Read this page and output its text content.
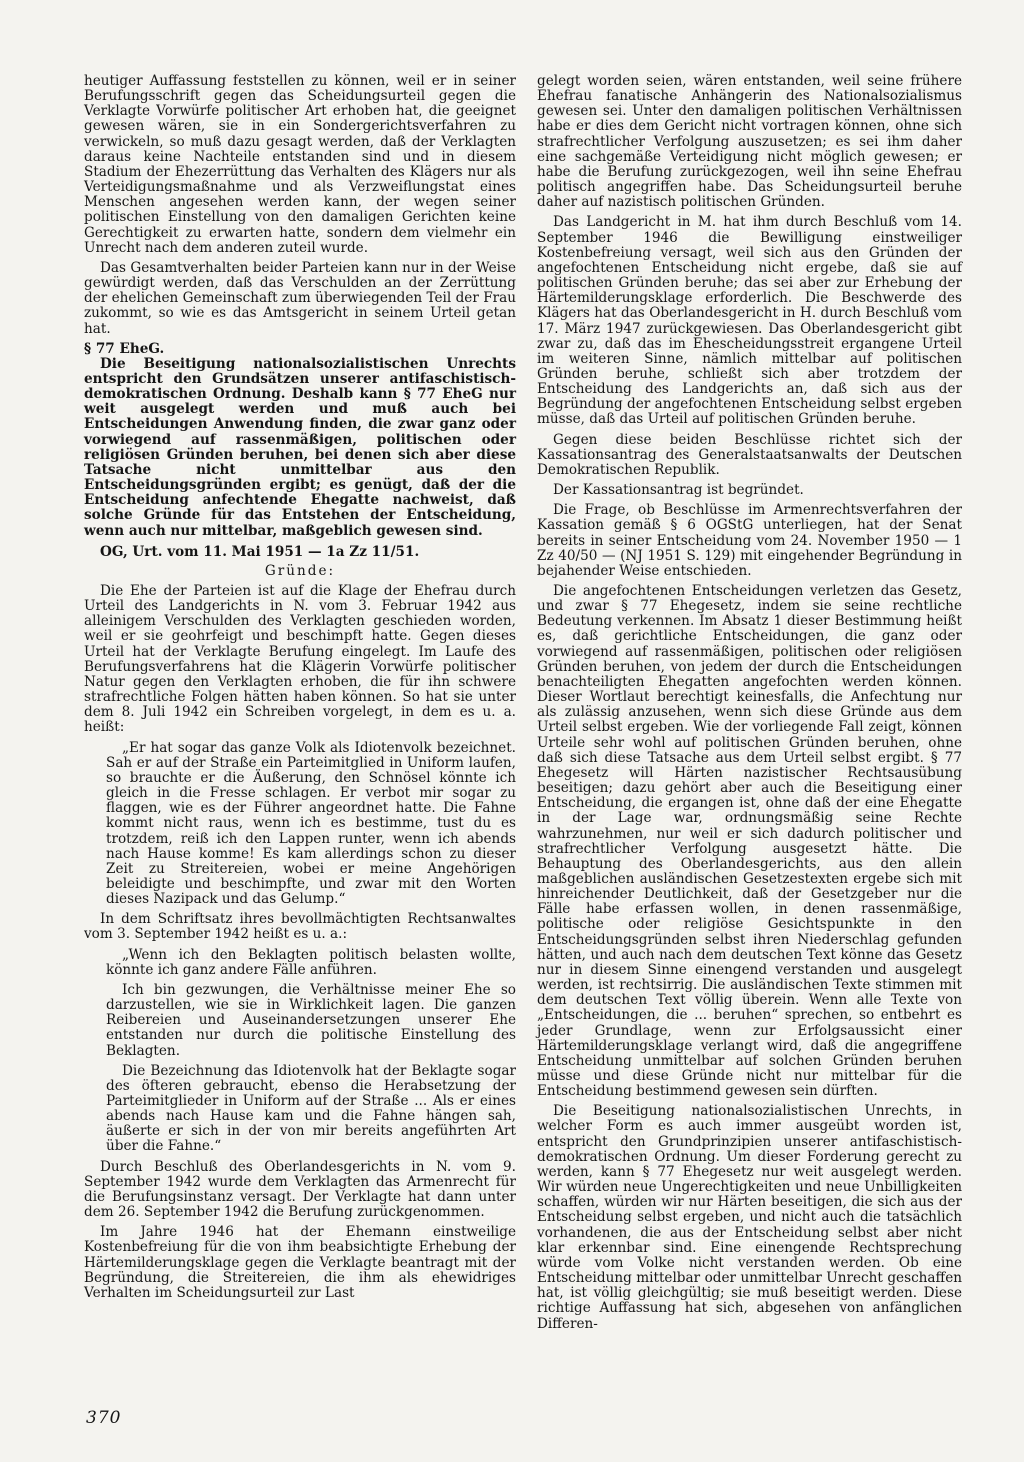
heutiger Auffassung feststellen zu können, weil er in seiner Berufungsschrift gegen das Scheidungsurteil gegen die Verklagte Vorwürfe politischer Art erhoben hat, die geeignet gewesen wären, sie in ein Sondergerichtsverfahren zu verwickeln, so muß dazu gesagt werden, daß der Verklagten daraus keine Nachteile entstanden sind und in diesem Stadium der Ehezerrüttung das Verhalten des Klägers nur als Verteidigungsmaßnahme und als Verzweiflungstat eines Menschen angesehen werden kann, der wegen seiner politischen Einstellung von den damaligen Gerichten keine Gerechtigkeit zu erwarten hatte, sondern dem vielmehr ein Unrecht nach dem anderen zuteil wurde.

Das Gesamtverhalten beider Parteien kann nur in der Weise gewürdigt werden, daß das Verschulden an der Zerrüttung der ehelichen Gemeinschaft zum überwiegenden Teil der Frau zukommt, so wie es das Amtsgericht in seinem Urteil getan hat.

§ 77 EheG.

Die Beseitigung nationalsozialistischen Unrechts entspricht den Grundsätzen unserer antifaschistisch-demokratischen Ordnung. Deshalb kann § 77 EheG nur weit ausgelegt werden und muß auch bei Entscheidungen Anwendung finden, die zwar ganz oder vorwiegend auf rassenmäßigen, politischen oder religiösen Gründen beruhen, bei denen sich aber diese Tatsache nicht unmittelbar aus den Entscheidungsgründen ergibt; es genügt, daß der die Entscheidung anfechtende Ehegatte nachweist, daß solche Gründe für das Entstehen der Entscheidung, wenn auch nur mittelbar, maßgeblich gewesen sind.

OG, Urt. vom 11. Mai 1951 — 1a Zz 11/51.

Gründe:

Die Ehe der Parteien ist auf die Klage der Ehefrau durch Urteil des Landgerichts in N. vom 3. Februar 1942 aus alleinigem Verschulden des Verklagten geschieden worden, weil er sie geohrfeigt und beschimpft hatte. Gegen dieses Urteil hat der Verklagte Berufung eingelegt. Im Laufe des Berufungsverfahrens hat die Klägerin Vorwürfe politischer Natur gegen den Verklagten erhoben, die für ihn schwere strafrechtliche Folgen hätten haben können. So hat sie unter dem 8. Juli 1942 ein Schreiben vorgelegt, in dem es u. a. heißt:

„Er hat sogar das ganze Volk als Idiotenvolk bezeichnet. Sah er auf der Straße ein Parteimitglied in Uniform laufen, so brauchte er die Äußerung, den Schnösel könnte ich gleich in die Fresse schlagen. Er verbot mir sogar zu flaggen, wie es der Führer angeordnet hatte. Die Fahne kommt nicht raus, wenn ich es bestimme, tust du es trotzdem, reiß ich den Lappen runter, wenn ich abends nach Hause komme! Es kam allerdings schon zu dieser Zeit zu Streitereien, wobei er meine Angehörigen beleidigte und beschimpfte, und zwar mit den Worten dieses Nazipack und das Gelump.“

In dem Schriftsatz ihres bevollmächtigten Rechtsanwaltes vom 3. September 1942 heißt es u. a.:

„Wenn ich den Beklagten politisch belasten wollte, könnte ich ganz andere Fälle anführen.

Ich bin gezwungen, die Verhältnisse meiner Ehe so darzustellen, wie sie in Wirklichkeit lagen. Die ganzen Reibereien und Auseinandersetzungen unserer Ehe entstanden nur durch die politische Einstellung des Beklagten.

Die Bezeichnung das Idiotenvolk hat der Beklagte sogar des öfteren gebraucht, ebenso die Herabsetzung der Parteimitglieder in Uniform auf der Straße ... Als er eines abends nach Hause kam und die Fahne hängen sah, äußerte er sich in der von mir bereits angeführten Art über die Fahne.“

Durch Beschluß des Oberlandesgerichts in N. vom 9. September 1942 wurde dem Verklagten das Armenrecht für die Berufungsinstanz versagt. Der Verklagte hat dann unter dem 26. September 1942 die Berufung zurückgenommen.

Im Jahre 1946 hat der Ehemann einstweilige Kostenbefreiung für die von ihm beabsichtigte Erhebung der Härtemilderungsklage gegen die Verklagte beantragt mit der Begründung, die Streitereien, die ihm als ehewidriges Verhalten im Scheidungsurteil zur Last

gelegt worden seien, wären entstanden, weil seine frühere Ehefrau fanatische Anhängerin des Nationalsozialismus gewesen sei. Unter den damaligen politischen Verhältnissen habe er dies dem Gericht nicht vortragen können, ohne sich strafrechtlicher Verfolgung auszusetzen; es sei ihm daher eine sachgemäße Verteidigung nicht möglich gewesen; er habe die Berufung zurückgezogen, weil ihn seine Ehefrau politisch angegriffen habe. Das Scheidungsurteil beruhe daher auf nazistisch politischen Gründen.

Das Landgericht in M. hat ihm durch Beschluß vom 14. September 1946 die Bewilligung einstweiliger Kostenbefreiung versagt, weil sich aus den Gründen der angefochtenen Entscheidung nicht ergebe, daß sie auf politischen Gründen beruhe; das sei aber zur Erhebung der Härtemilderungsklage erforderlich. Die Beschwerde des Klägers hat das Oberlandesgericht in H. durch Beschluß vom 17. März 1947 zurückgewiesen. Das Oberlandesgericht gibt zwar zu, daß das im Ehescheidungsstreit ergangene Urteil im weiteren Sinne, nämlich mittelbar auf politischen Gründen beruhe, schließt sich aber trotzdem der Entscheidung des Landgerichts an, daß sich aus der Begründung der angefochtenen Entscheidung selbst ergeben müsse, daß das Urteil auf politischen Gründen beruhe.

Gegen diese beiden Beschlüsse richtet sich der Kassationsantrag des Generalstaatsanwalts der Deutschen Demokratischen Republik.

Der Kassationsantrag ist begründet.

Die Frage, ob Beschlüsse im Armenrechtsverfahren der Kassation gemäß § 6 OGStG unterliegen, hat der Senat bereits in seiner Entscheidung vom 24. November 1950 — 1 Zz 40/50 — (NJ 1951 S. 129) mit eingehender Begründung in bejahender Weise entschieden.

Die angefochtenen Entscheidungen verletzen das Gesetz, und zwar § 77 Ehegesetz, indem sie seine rechtliche Bedeutung verkennen. Im Absatz 1 dieser Bestimmung heißt es, daß gerichtliche Entscheidungen, die ganz oder vorwiegend auf rassenmäßigen, politischen oder religiösen Gründen beruhen, von jedem der durch die Entscheidungen benachteiligten Ehegatten angefochten werden können. Dieser Wortlaut berechtigt keinesfalls, die Anfechtung nur als zulässig anzusehen, wenn sich diese Gründe aus dem Urteil selbst ergeben. Wie der vorliegende Fall zeigt, können Urteile sehr wohl auf politischen Gründen beruhen, ohne daß sich diese Tatsache aus dem Urteil selbst ergibt. § 77 Ehegesetz will Härten nazistischer Rechtsausübung beseitigen; dazu gehört aber auch die Beseitigung einer Entscheidung, die ergangen ist, ohne daß der eine Ehegatte in der Lage war, ordnungsmäßig seine Rechte wahrzunehmen, nur weil er sich dadurch politischer und strafrechtlicher Verfolgung ausgesetzt hätte. Die Behauptung des Oberlandesgerichts, aus den allein maßgeblichen ausländischen Gesetzestexten ergebe sich mit hinreichender Deutlichkeit, daß der Gesetzgeber nur die Fälle habe erfassen wollen, in denen rassenmäßige, politische oder religiöse Gesichtspunkte in den Entscheidungsgründen selbst ihren Niederschlag gefunden hätten, und auch nach dem deutschen Text könne das Gesetz nur in diesem Sinne einengend verstanden und ausgelegt werden, ist rechtsirrig. Die ausländischen Texte stimmen mit dem deutschen Text völlig überein. Wenn alle Texte von „Entscheidungen, die ... beruhen“ sprechen, so entbehrt es jeder Grundlage, wenn zur Erfolgsaussicht einer Härtemilderungsklage verlangt wird, daß die angegriffene Entscheidung unmittelbar auf solchen Gründen beruhen müsse und diese Gründe nicht nur mittelbar für die Entscheidung bestimmend gewesen sein dürften.

Die Beseitigung nationalsozialistischen Unrechts, in welcher Form es auch immer ausgeübt worden ist, entspricht den Grundprinzipien unserer antifaschistisch-demokratischen Ordnung. Um dieser Forderung gerecht zu werden, kann § 77 Ehegesetz nur weit ausgelegt werden. Wir würden neue Ungerechtigkeiten und neue Unbilligkeiten schaffen, würden wir nur Härten beseitigen, die sich aus der Entscheidung selbst ergeben, und nicht auch die tatsächlich vorhandenen, die aus der Entscheidung selbst aber nicht klar erkennbar sind. Eine einengende Rechtsprechung würde vom Volke nicht verstanden werden. Ob eine Entscheidung mittelbar oder unmittelbar Unrecht geschaffen hat, ist völlig gleichgültig; sie muß beseitigt werden. Diese richtige Auffassung hat sich, abgesehen von anfänglichen Differen-

370
